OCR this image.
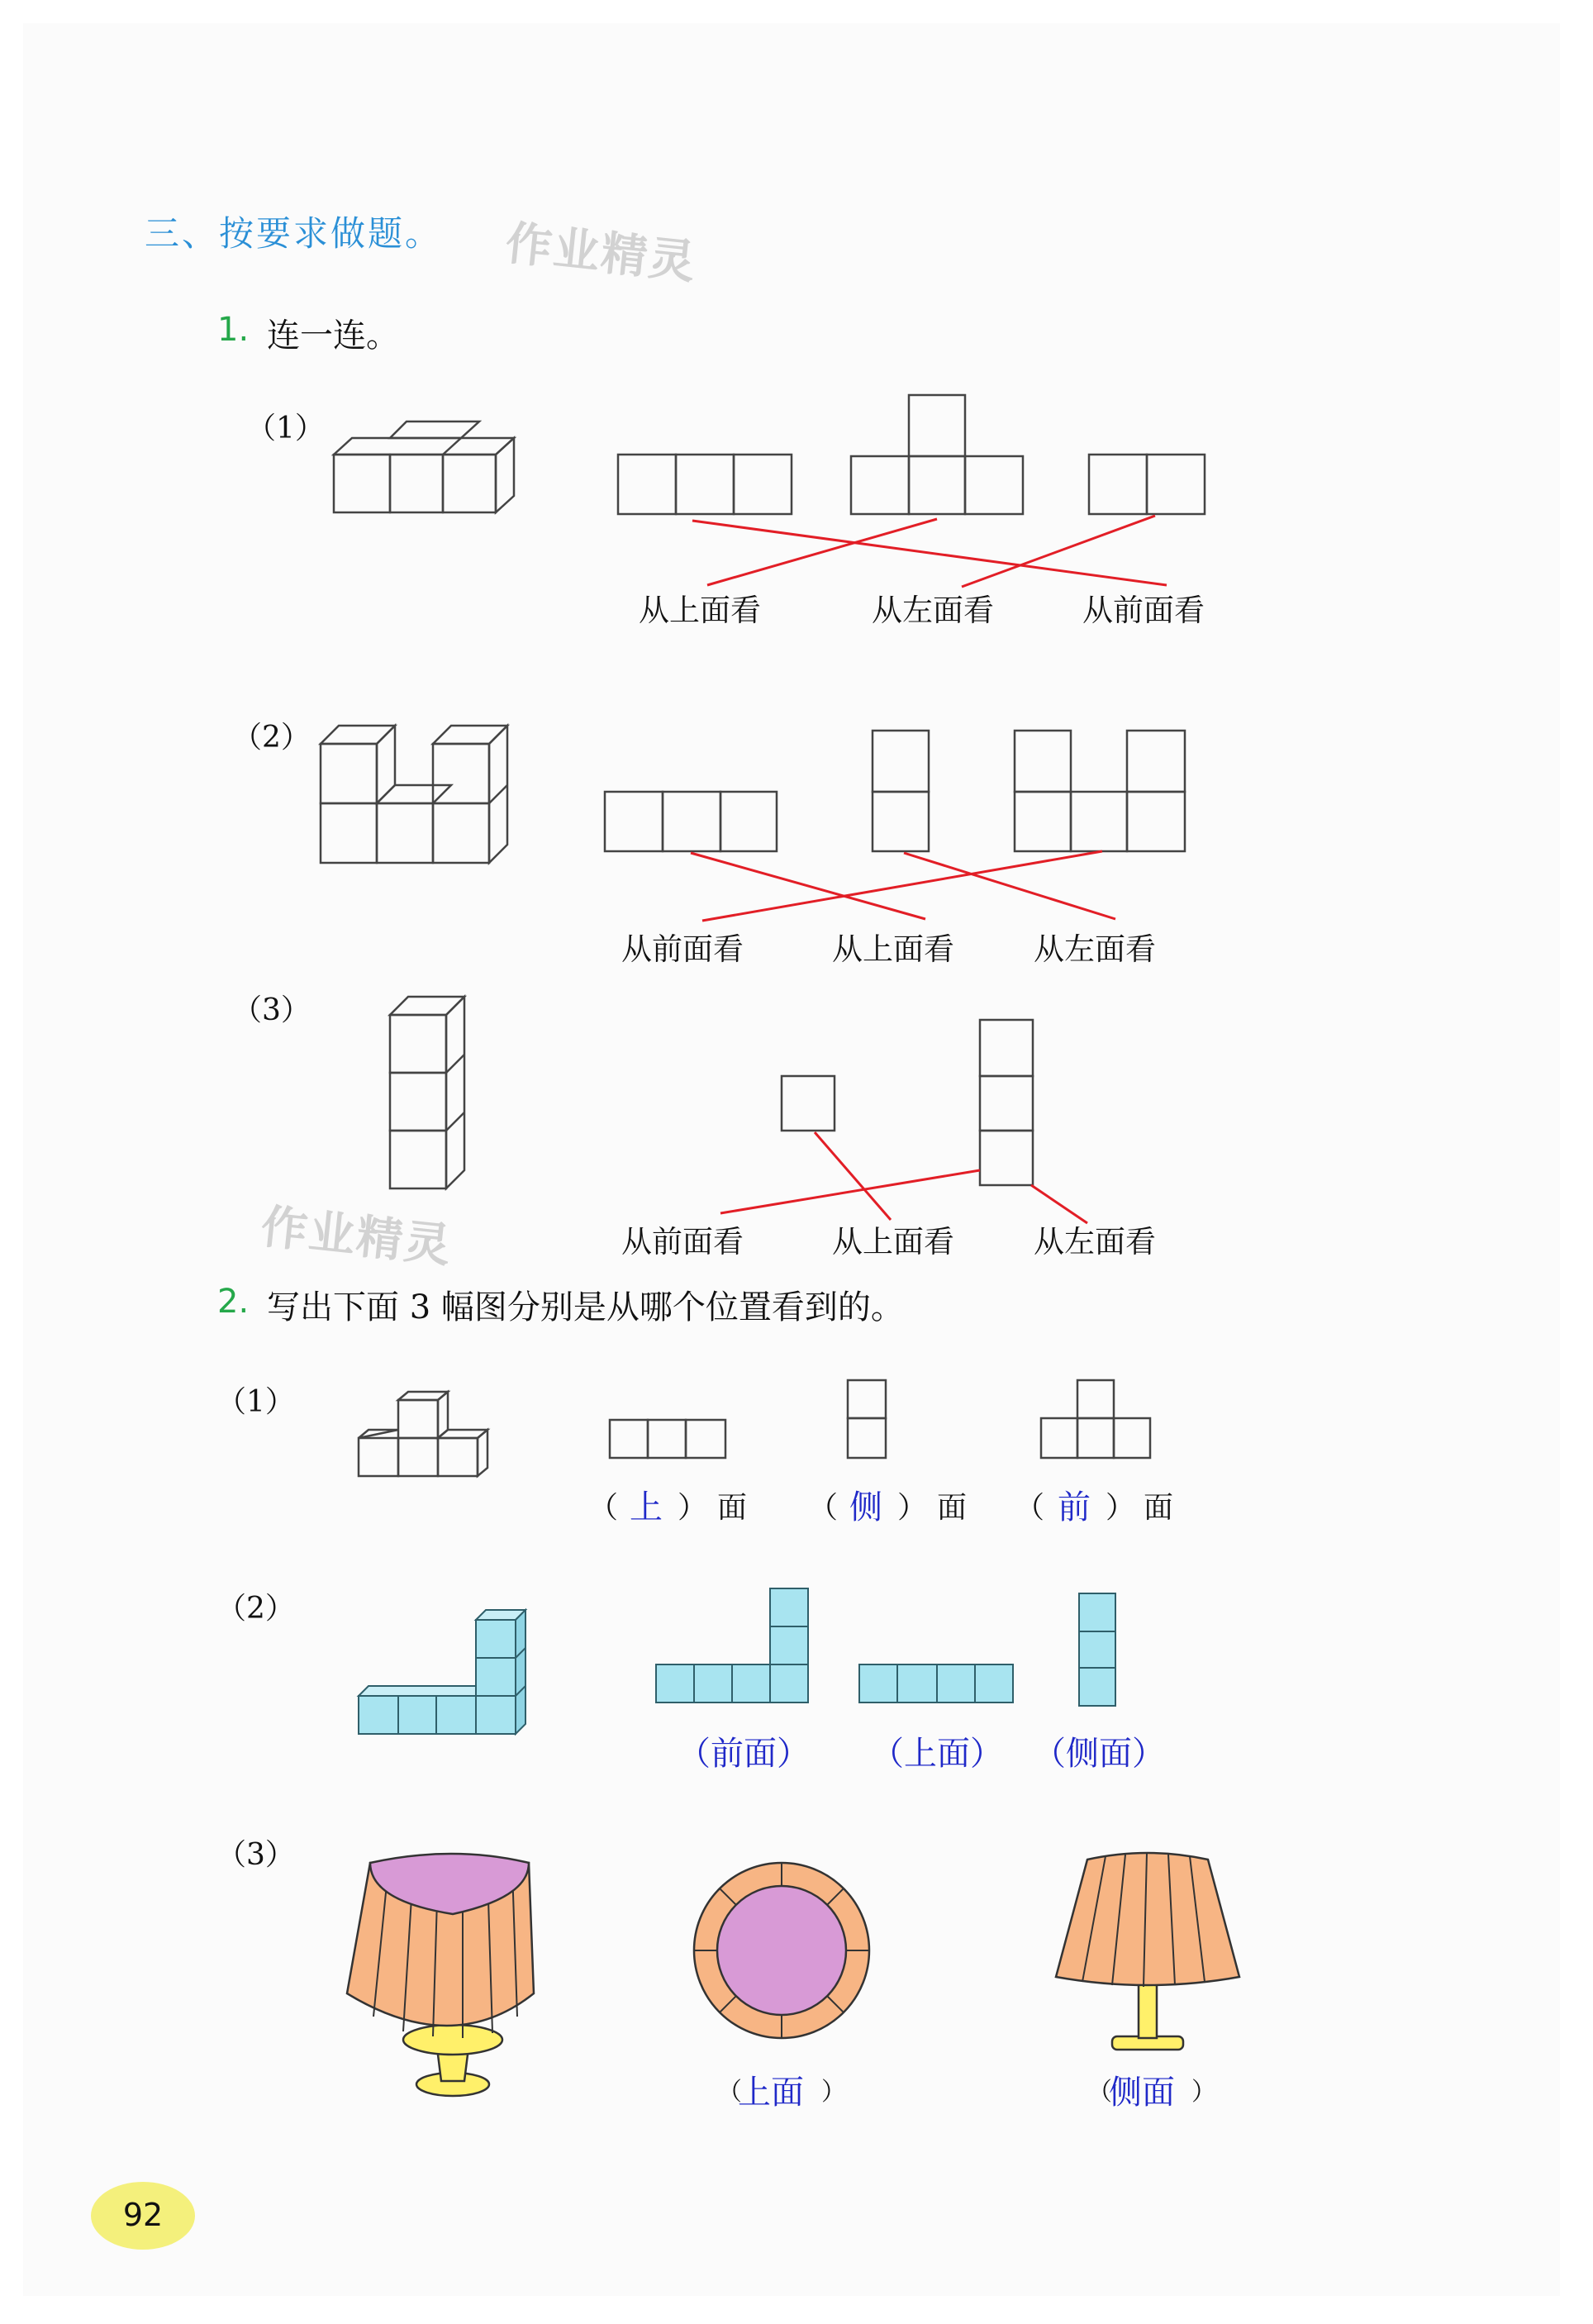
三、按要求做题。 作业精灵
作业精灵
1. 连一连。
（1）
（2）
（3）
从上面看	从左面看	从前面看
从前面看	从上面看	从左面看
从前面看	从上面看	从左面看
2. 写出下面 3 幅图分别是从哪个位置看到的。
（1）
（2）
（3）
（ 上 ） 面 （ 侧 ） 面 （ 前 ） 面
（前面） （上面） （侧面）
（
上面 ）	（
侧面 ）
92
